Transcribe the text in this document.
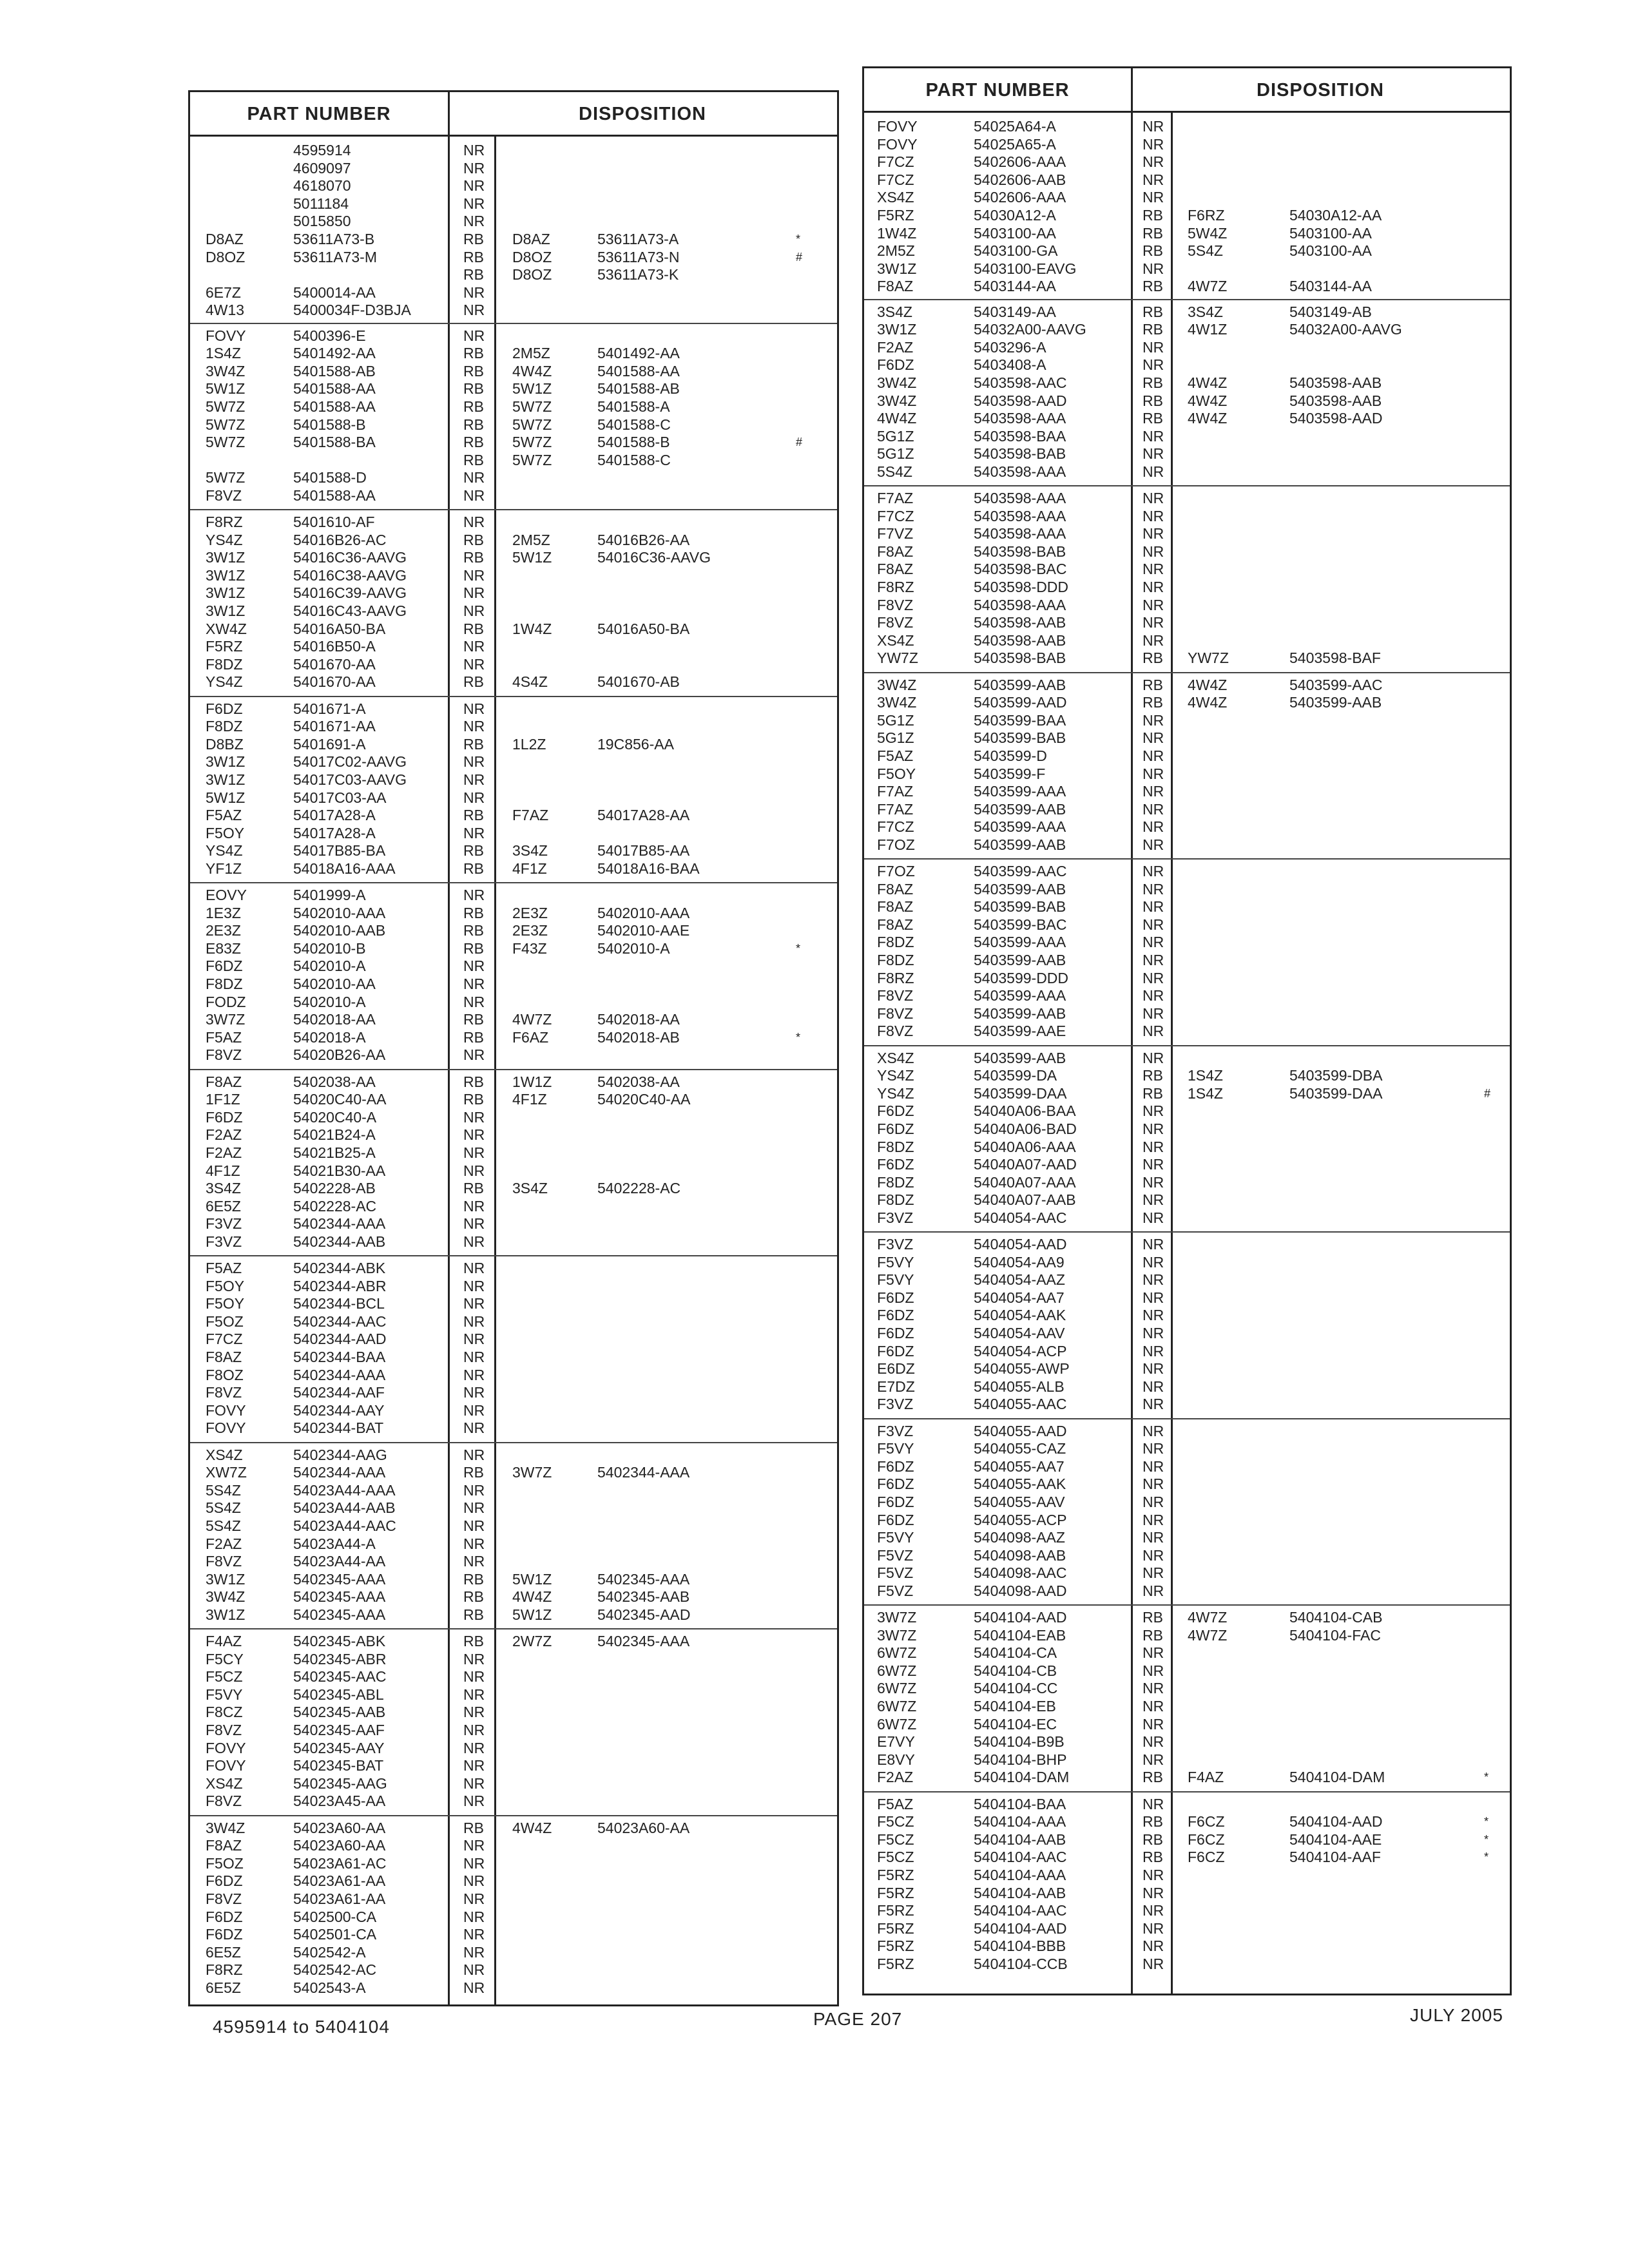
PART NUMBER	DISPOSITION
4595914	NR
4609097	NR
4618070	NR
5011184	NR
5015850	NR
D8AZ	53611A73-B	RB D8AZ	53611A73-A	*
D8OZ	53611A73-M	RB D8OZ	53611A73-N	#
RB D8OZ	53611A73-K
6E7Z	5400014-AA	NR
4W13	5400034F-D3BJA	NR
FOVY	5400396-E	NR
1S4Z	5401492-AA	RB 2M5Z	5401492-AA
3W4Z	5401588-AB	RB 4W4Z	5401588-AA
5W1Z	5401588-AA	RB 5W1Z	5401588-AB
5W7Z	5401588-AA	RB 5W7Z	5401588-A
5W7Z	5401588-B	RB 5W7Z	5401588-C
5W7Z	5401588-BA	RB 5W7Z	5401588-B	#
RB 5W7Z	5401588-C
5W7Z	5401588-D	NR
F8VZ	5401588-AA	NR
F8RZ	5401610-AF	NR
YS4Z	54016B26-AC	RB 2M5Z	54016B26-AA
3W1Z	54016C36-AAVG	RB 5W1Z	54016C36-AAVG
3W1Z	54016C38-AAVG	NR
3W1Z	54016C39-AAVG	NR
3W1Z	54016C43-AAVG	NR
XW4Z	54016A50-BA	RB 1W4Z	54016A50-BA
F5RZ	54016B50-A	NR
F8DZ	5401670-AA	NR
YS4Z	5401670-AA	RB 4S4Z	5401670-AB
F6DZ	5401671-A	NR
F8DZ	5401671-AA	NR
D8BZ	5401691-A	RB 1L2Z	19C856-AA
3W1Z	54017C02-AAVG	NR
3W1Z	54017C03-AAVG	NR
5W1Z	54017C03-AA	NR
F5AZ	54017A28-A	RB F7AZ	54017A28-AA
F5OY	54017A28-A	NR
YS4Z	54017B85-BA	RB 3S4Z	54017B85-AA
YF1Z	54018A16-AAA	RB 4F1Z	54018A16-BAA
EOVY	5401999-A	NR
1E3Z	5402010-AAA	RB 2E3Z	5402010-AAA
2E3Z	5402010-AAB	RB 2E3Z	5402010-AAE
E83Z	5402010-B	RB F43Z	5402010-A	*
F6DZ	5402010-A	NR
F8DZ	5402010-AA	NR
FODZ	5402010-A	NR
3W7Z	5402018-AA	RB 4W7Z	5402018-AA
F5AZ	5402018-A	RB F6AZ	5402018-AB	*
F8VZ	54020B26-AA	NR
F8AZ	5402038-AA	RB 1W1Z	5402038-AA
1F1Z	54020C40-AA	RB 4F1Z	54020C40-AA
F6DZ	54020C40-A	NR
F2AZ	54021B24-A	NR
F2AZ	54021B25-A	NR
4F1Z	54021B30-AA	NR
3S4Z	5402228-AB	RB 3S4Z	5402228-AC
6E5Z	5402228-AC	NR
F3VZ	5402344-AAA	NR
F3VZ	5402344-AAB	NR
F5AZ	5402344-ABK	NR
F5OY	5402344-ABR	NR
F5OY	5402344-BCL	NR
F5OZ	5402344-AAC	NR
F7CZ	5402344-AAD	NR
F8AZ	5402344-BAA	NR
F8OZ	5402344-AAA	NR
F8VZ	5402344-AAF	NR
FOVY	5402344-AAY	NR
FOVY	5402344-BAT	NR
XS4Z	5402344-AAG	NR
XW7Z	5402344-AAA	RB 3W7Z	5402344-AAA
5S4Z	54023A44-AAA	NR
5S4Z	54023A44-AAB	NR
5S4Z	54023A44-AAC	NR
F2AZ	54023A44-A	NR
F8VZ	54023A44-AA	NR
3W1Z	5402345-AAA	RB 5W1Z	5402345-AAA
3W4Z	5402345-AAA	RB 4W4Z	5402345-AAB
3W1Z	5402345-AAA	RB 5W1Z	5402345-AAD
F4AZ	5402345-ABK	RB 2W7Z	5402345-AAA
F5CY	5402345-ABR	NR
F5CZ	5402345-AAC	NR
F5VY	5402345-ABL	NR
F8CZ	5402345-AAB	NR
F8VZ	5402345-AAF	NR
FOVY	5402345-AAY	NR
FOVY	5402345-BAT	NR
XS4Z	5402345-AAG	NR
F8VZ	54023A45-AA	NR
3W4Z	54023A60-AA	RB 4W4Z	54023A60-AA
F8AZ	54023A60-AA	NR
F5OZ	54023A61-AC	NR
F6DZ	54023A61-AA	NR
F8VZ	54023A61-AA	NR
F6DZ	5402500-CA	NR
F6DZ	5402501-CA	NR
6E5Z	5402542-A	NR
F8RZ	5402542-AC	NR
6E5Z	5402543-A	NR
PART NUMBER	DISPOSITION
FOVY	54025A64-A	NR
FOVY	54025A65-A	NR
F7CZ	5402606-AAA	NR
F7CZ	5402606-AAB	NR
XS4Z	5402606-AAA	NR
F5RZ	54030A12-A	RB F6RZ	54030A12-AA
1W4Z	5403100-AA	RB 5W4Z	5403100-AA
2M5Z	5403100-GA	RB 5S4Z	5403100-AA
3W1Z	5403100-EAVG	NR
F8AZ	5403144-AA	RB 4W7Z	5403144-AA
3S4Z	5403149-AA	RB 3S4Z	5403149-AB
3W1Z	54032A00-AAVG	RB 4W1Z	54032A00-AAVG
F2AZ	5403296-A	NR
F6DZ	5403408-A	NR
3W4Z	5403598-AAC	RB 4W4Z	5403598-AAB
3W4Z	5403598-AAD	RB 4W4Z	5403598-AAB
4W4Z	5403598-AAA	RB 4W4Z	5403598-AAD
5G1Z	5403598-BAA	NR
5G1Z	5403598-BAB	NR
5S4Z	5403598-AAA	NR
F7AZ	5403598-AAA	NR
F7CZ	5403598-AAA	NR
F7VZ	5403598-AAA	NR
F8AZ	5403598-BAB	NR
F8AZ	5403598-BAC	NR
F8RZ	5403598-DDD	NR
F8VZ	5403598-AAA	NR
F8VZ	5403598-AAB	NR
XS4Z	5403598-AAB	NR
YW7Z	5403598-BAB	RB YW7Z	5403598-BAF
3W4Z	5403599-AAB	RB 4W4Z	5403599-AAC
3W4Z	5403599-AAD	RB 4W4Z	5403599-AAB
5G1Z	5403599-BAA	NR
5G1Z	5403599-BAB	NR
F5AZ	5403599-D	NR
F5OY	5403599-F	NR
F7AZ	5403599-AAA	NR
F7AZ	5403599-AAB	NR
F7CZ	5403599-AAA	NR
F7OZ	5403599-AAB	NR
F7OZ	5403599-AAC	NR
F8AZ	5403599-AAB	NR
F8AZ	5403599-BAB	NR
F8AZ	5403599-BAC	NR
F8DZ	5403599-AAA	NR
F8DZ	5403599-AAB	NR
F8RZ	5403599-DDD	NR
F8VZ	5403599-AAA	NR
F8VZ	5403599-AAB	NR
F8VZ	5403599-AAE	NR
XS4Z	5403599-AAB	NR
YS4Z	5403599-DA	RB 1S4Z	5403599-DBA
YS4Z	5403599-DAA	RB 1S4Z	5403599-DAA	#
F6DZ	54040A06-BAA	NR
F6DZ	54040A06-BAD	NR
F8DZ	54040A06-AAA	NR
F6DZ	54040A07-AAD	NR
F8DZ	54040A07-AAA	NR
F8DZ	54040A07-AAB	NR
F3VZ	5404054-AAC	NR
F3VZ	5404054-AAD	NR
F5VY	5404054-AA9	NR
F5VY	5404054-AAZ	NR
F6DZ	5404054-AA7	NR
F6DZ	5404054-AAK	NR
F6DZ	5404054-AAV	NR
F6DZ	5404054-ACP	NR
E6DZ	5404055-AWP	NR
E7DZ	5404055-ALB	NR
F3VZ	5404055-AAC	NR
F3VZ	5404055-AAD	NR
F5VY	5404055-CAZ	NR
F6DZ	5404055-AA7	NR
F6DZ	5404055-AAK	NR
F6DZ	5404055-AAV	NR
F6DZ	5404055-ACP	NR
F5VY	5404098-AAZ	NR
F5VZ	5404098-AAB	NR
F5VZ	5404098-AAC	NR
F5VZ	5404098-AAD	NR
3W7Z	5404104-AAD	RB 4W7Z	5404104-CAB
3W7Z	5404104-EAB	RB 4W7Z	5404104-FAC
6W7Z	5404104-CA	NR
6W7Z	5404104-CB	NR
6W7Z	5404104-CC	NR
6W7Z	5404104-EB	NR
6W7Z	5404104-EC	NR
E7VY	5404104-B9B	NR
E8VY	5404104-BHP	NR
F2AZ	5404104-DAM	RB F4AZ	5404104-DAM	*
F5AZ	5404104-BAA	NR
F5CZ	5404104-AAA	RB F6CZ	5404104-AAD	*
F5CZ	5404104-AAB	RB F6CZ	5404104-AAE	*
F5CZ	5404104-AAC	RB F6CZ	5404104-AAF	*
F5RZ	5404104-AAA	NR
F5RZ	5404104-AAB	NR
F5RZ	5404104-AAC	NR
F5RZ	5404104-AAD	NR
F5RZ	5404104-BBB	NR
F5RZ	5404104-CCB	NR
4595914 to 5404104	PAGE 207	JULY 2005
